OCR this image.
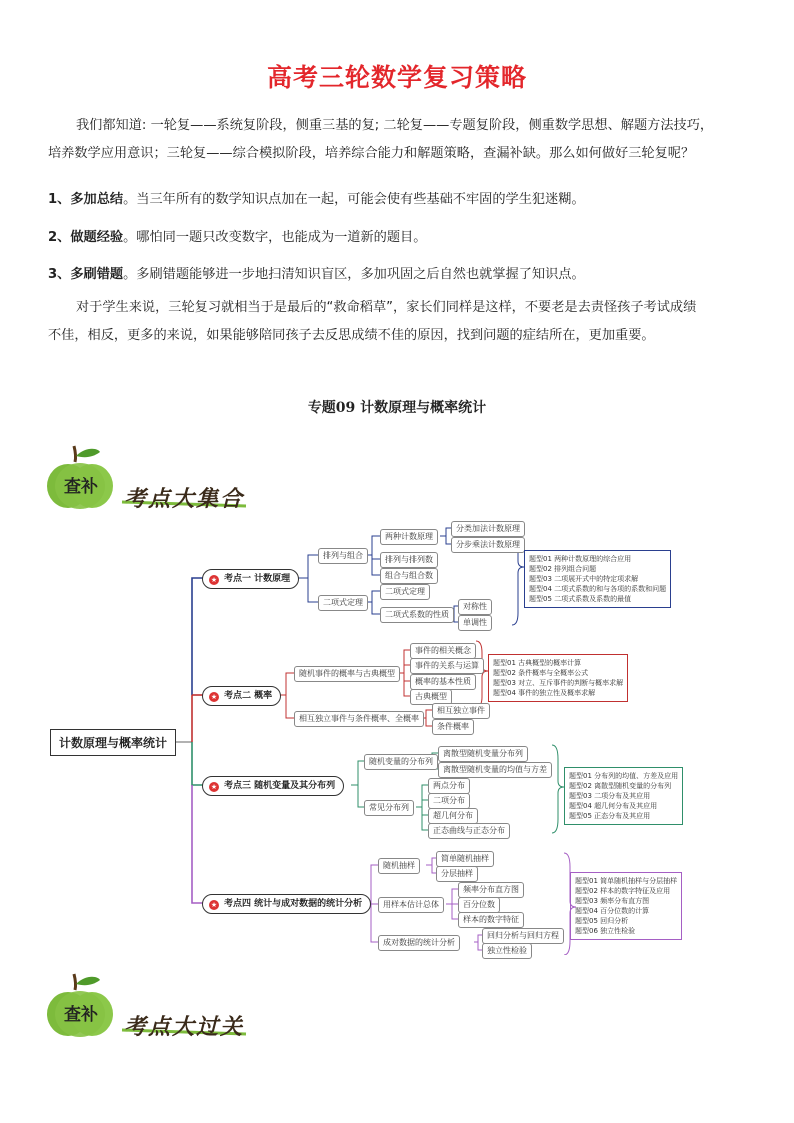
高考三轮数学复习策略
我们都知道: 一轮复——系统复阶段，侧重三基的复; 二轮复——专题复阶段，侧重数学思想、解题方法技巧，
培养数学应用意识；三轮复——综合模拟阶段，培养综合能力和解题策略，查漏补缺。那么如何做好三轮复呢？
1、多加总结。当三年所有的数学知识点加在一起，可能会使有些基础不牢固的学生犯迷糊。
2、做题经验。哪怕同一题只改变数字，也能成为一道新的题目。
3、多刷错题。多刷错题能够进一步地扫清知识盲区，多加巩固之后自然也就掌握了知识点。
对于学生来说，三轮复习就相当于是最后的“救命稻草”，家长们同样是这样，不要老是去责怪孩子考试成绩
不佳，相反，更多的来说，如果能够陪同孩子去反思成绩不佳的原因，找到问题的症结所在，更加重要。
专题09 计数原理与概率统计
查补	考点大集合
计数原理与概率统计
★ 考点一 计数原理
排列与组合
两种计数原理
分类加法计数原理
分步乘法计数原理
排列与排列数
组合与组合数
二项式定理
二项式定理
二项式系数的性质
对称性
单调性
题型01 两种计数原理的综合应用
题型02 排列组合问题
题型03 二项展开式中的特定项求解
题型04 二项式系数的和与各项的系数和问题
题型05 二项式系数及系数的最值
★ 考点二 概率
随机事件的概率与古典概型
事件的相关概念
事件的关系与运算
概率的基本性质
古典概型
相互独立事件与条件概率、全概率
相互独立事件
条件概率
题型01 古典概型的概率计算
题型02 条件概率与全概率公式
题型03 对立、互斥事件的判断与概率求解
题型04 事件的独立性及概率求解
★ 考点三 随机变量及其分布列
随机变量的分布列
离散型随机变量分布列
离散型随机变量的均值与方差
常见分布列
两点分布
二项分布
超几何分布
正态曲线与正态分布
题型01 分布列的均值、方差及应用
题型02 离散型随机变量的分布列
题型03 二项分布及其应用
题型04 超几何分布及其应用
题型05 正态分布及其应用
★ 考点四 统计与成对数据的统计分析
随机抽样
简单随机抽样
分层抽样
用样本估计总体
频率分布直方图
百分位数
样本的数字特征
成对数据的统计分析
回归分析与回归方程
独立性检验
题型01 简单随机抽样与分层抽样
题型02 样本的数字特征及应用
题型03 频率分布直方图
题型04 百分位数的计算
题型05 回归分析
题型06 独立性检验
查补	考点大过关
